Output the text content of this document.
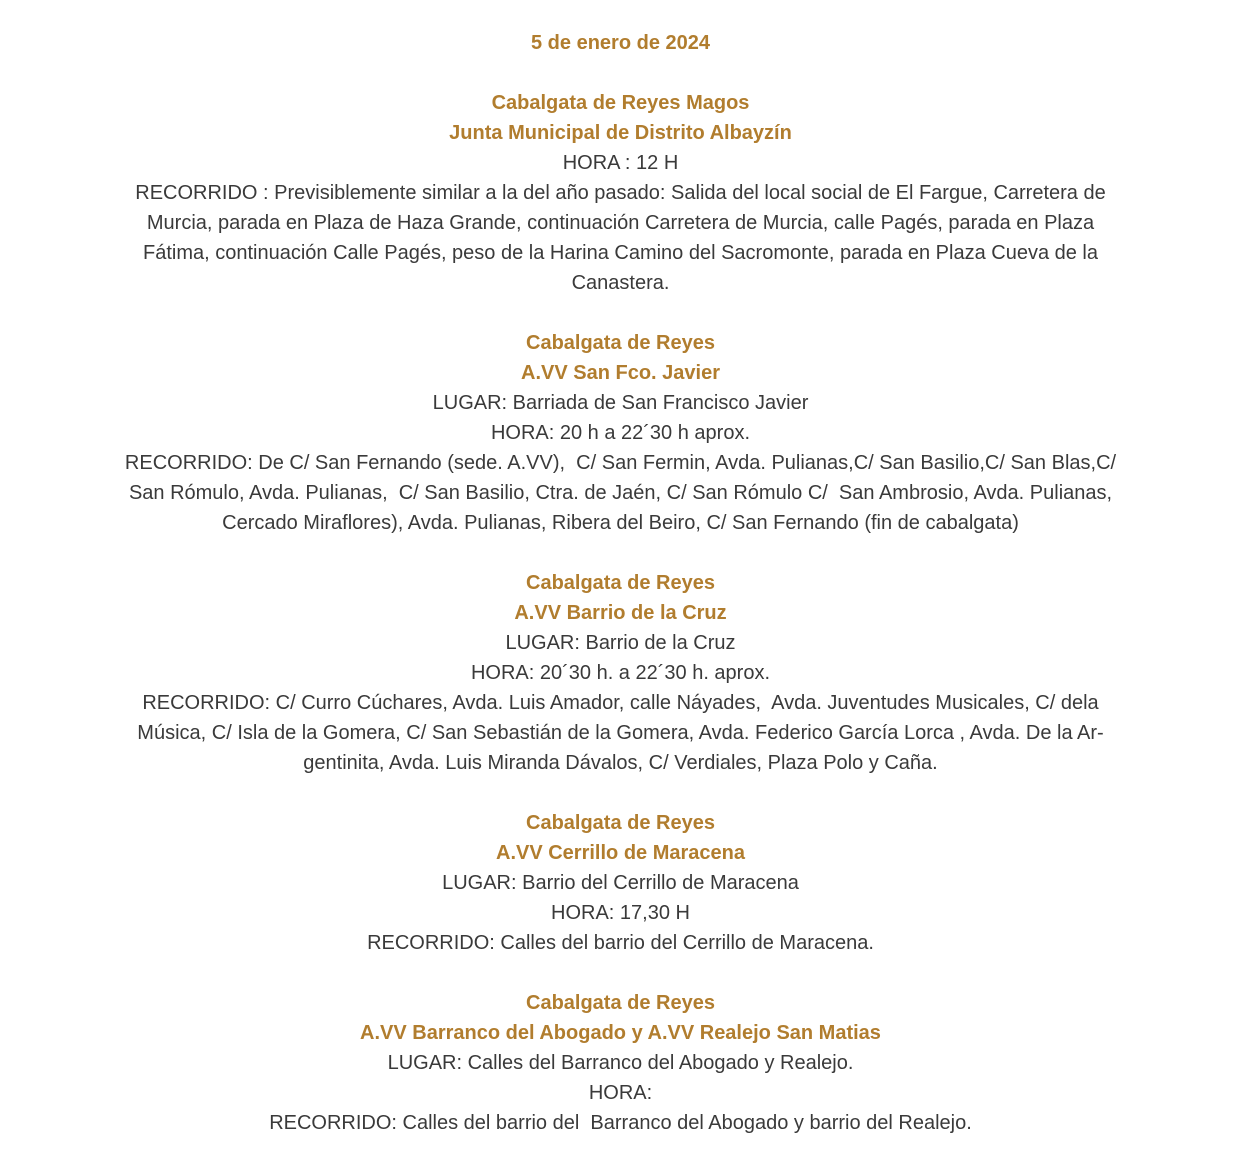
5 de enero de 2024
Cabalgata de Reyes Magos
Junta Municipal de Distrito Albayzín
HORA : 12 H
RECORRIDO : Previsiblemente similar a la del año pasado: Salida del local social de El Fargue, Carretera de
Murcia, parada en Plaza de Haza Grande, continuación Carretera de Murcia, calle Pagés, parada en Plaza
Fátima, continuación Calle Pagés, peso de la Harina Camino del Sacromonte, parada en Plaza Cueva de la
Canastera.
Cabalgata de Reyes
A.VV San Fco. Javier
LUGAR: Barriada de San Francisco Javier
HORA: 20 h a 22´30 h aprox.
RECORRIDO: De C/ San Fernando (sede. A.VV),  C/ San Fermin, Avda. Pulianas,C/ San Basilio,C/ San Blas,C/
San Rómulo, Avda. Pulianas,  C/ San Basilio, Ctra. de Jaén, C/ San Rómulo C/  San Ambrosio, Avda. Pulianas,
Cercado Miraflores), Avda. Pulianas, Ribera del Beiro, C/ San Fernando (fin de cabalgata)
Cabalgata de Reyes
A.VV Barrio de la Cruz
LUGAR: Barrio de la Cruz
HORA: 20´30 h. a 22´30 h. aprox.
RECORRIDO: C/ Curro Cúchares, Avda. Luis Amador, calle Náyades,  Avda. Juventudes Musicales, C/ dela
Música, C/ Isla de la Gomera, C/ San Sebastián de la Gomera, Avda. Federico García Lorca , Avda. De la Ar-
gentinita, Avda. Luis Miranda Dávalos, C/ Verdiales, Plaza Polo y Caña.
Cabalgata de Reyes
A.VV Cerrillo de Maracena
LUGAR: Barrio del Cerrillo de Maracena
HORA: 17,30 H
RECORRIDO: Calles del barrio del Cerrillo de Maracena.
Cabalgata de Reyes
A.VV Barranco del Abogado y A.VV Realejo San Matias
LUGAR: Calles del Barranco del Abogado y Realejo.
HORA:
RECORRIDO: Calles del barrio del  Barranco del Abogado y barrio del Realejo.
